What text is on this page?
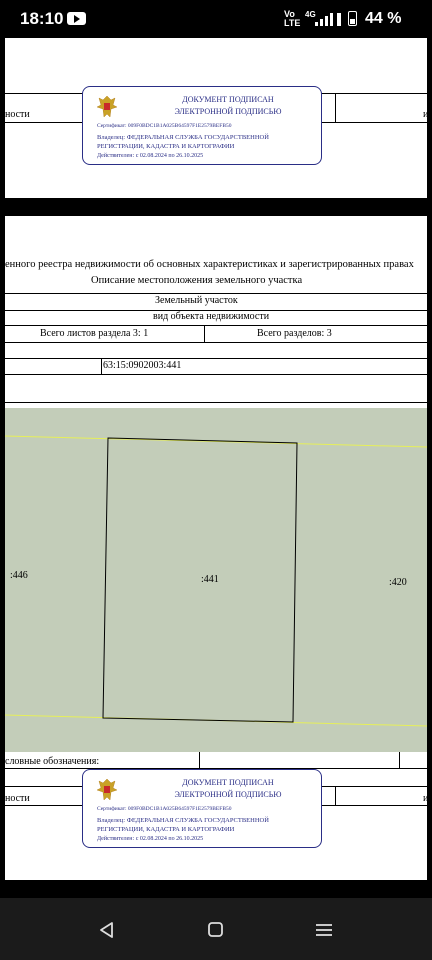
18:10	Vo
LTE
4G	44 %
ности	и
ДОКУМЕНТ ПОДПИСАН
ЭЛЕКТРОННОЙ ПОДПИСЬЮ
Сертификат: 009F0BDC1B1A025B64597F1E2579BEFB50
Владелец: ФЕДЕРАЛЬНАЯ СЛУЖБА ГОСУДАРСТВЕННОЙ
РЕГИСТРАЦИИ, КАДАСТРА И КАРТОГРАФИИ
Действителен: с 02.08.2024 по 26.10.2025
енного реестра недвижимости об основных характеристиках и зарегистрированных правах
Описание местоположения земельного участка
Земельный участок
вид объекта недвижимости
Всего листов раздела 3: 1	Всего разделов: 3
63:15:0902003:441
:446	:441	:420
словные обозначения:
ности	и
ДОКУМЕНТ ПОДПИСАН
ЭЛЕКТРОННОЙ ПОДПИСЬЮ
Сертификат: 009F0BDC1B1A025B64597F1E2579BEFB50
Владелец: ФЕДЕРАЛЬНАЯ СЛУЖБА ГОСУДАРСТВЕННОЙ
РЕГИСТРАЦИИ, КАДАСТРА И КАРТОГРАФИИ
Действителен: с 02.08.2024 по 26.10.2025
